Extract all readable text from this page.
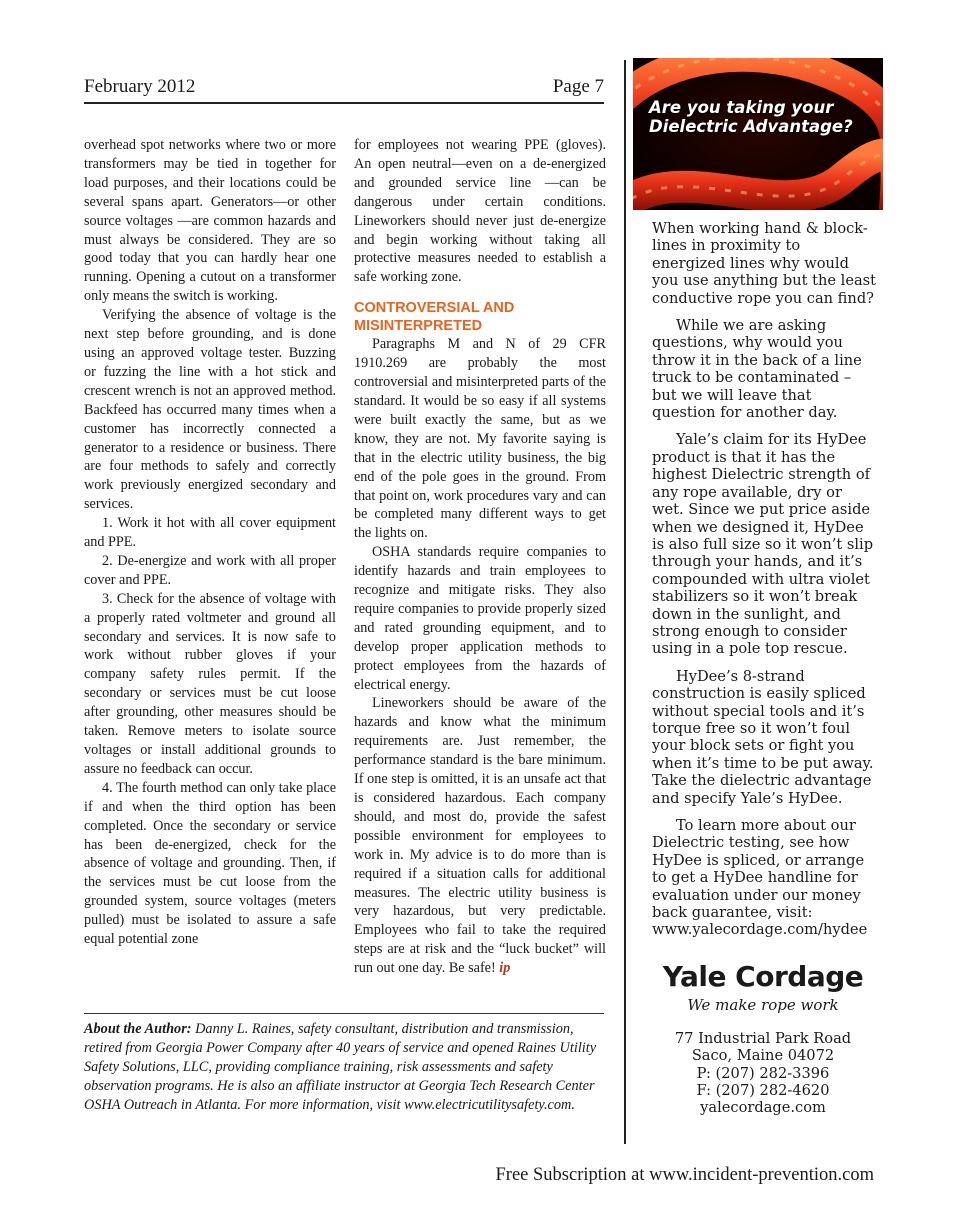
February 2012	Page 7

overhead spot networks where two or more transformers may be tied in together for load purposes, and their locations could be several spans apart. Generators—or other source voltages —are common hazards and must always be considered. They are so good today that you can hardly hear one running. Opening a cutout on a transformer only means the switch is working.

Verifying the absence of voltage is the next step before grounding, and is done using an approved voltage tester. Buzzing or fuzzing the line with a hot stick and crescent wrench is not an approved method. Backfeed has occurred many times when a customer has incorrectly connected a generator to a residence or business. There are four methods to safely and correctly work previously energized secondary and services.

1. Work it hot with all cover equipment and PPE.

2. De-energize and work with all proper cover and PPE.

3. Check for the absence of voltage with a properly rated voltmeter and ground all secondary and services. It is now safe to work without rubber gloves if your company safety rules permit. If the secondary or services must be cut loose after grounding, other measures should be taken. Remove meters to isolate source voltages or install additional grounds to assure no feedback can occur.

4. The fourth method can only take place if and when the third option has been completed. Once the secondary or service has been de-energized, check for the absence of voltage and grounding. Then, if the services must be cut loose from the grounded system, source voltages (meters pulled) must be isolated to assure a safe equal potential zone

for employees not wearing PPE (gloves). An open neutral—even on a de-energized and grounded service line —can be dangerous under certain conditions. Lineworkers should never just de-energize and begin working without taking all protective measures needed to establish a safe working zone.

CONTROVERSIAL AND MISINTERPRETED

Paragraphs M and N of 29 CFR 1910.269 are probably the most controversial and misinterpreted parts of the standard. It would be so easy if all systems were built exactly the same, but as we know, they are not. My favorite saying is that in the electric utility business, the big end of the pole goes in the ground. From that point on, work procedures vary and can be completed many different ways to get the lights on.

OSHA standards require companies to identify hazards and train employees to recognize and mitigate risks. They also require companies to provide properly sized and rated grounding equipment, and to develop proper application methods to protect employees from the hazards of electrical energy.

Lineworkers should be aware of the hazards and know what the minimum requirements are. Just remember, the performance standard is the bare minimum. If one step is omitted, it is an unsafe act that is considered hazardous. Each company should, and most do, provide the safest possible environment for employees to work in. My advice is to do more than is required if a situation calls for additional measures. The electric utility business is very hazardous, but very predictable. Employees who fail to take the required steps are at risk and the “luck bucket” will run out one day. Be safe! ip

About the Author: Danny L. Raines, safety consultant, distribution and transmission, retired from Georgia Power Company after 40 years of service and opened Raines Utility Safety Solutions, LLC, providing compliance training, risk assessments and safety observation programs. He is also an affiliate instructor at Georgia Tech Research Center OSHA Outreach in Atlanta. For more information, visit www.electricutilitysafety.com.
Are you taking your
Dielectric Advantage?

When working hand & block-lines in proximity to energized lines why would you use anything but the least conductive rope you can find?

While we are asking questions, why would you throw it in the back of a line truck to be contaminated – but we will leave that question for another day.

Yale’s claim for its HyDee product is that it has the highest Dielectric strength of any rope available, dry or wet. Since we put price aside when we designed it, HyDee is also full size so it won’t slip through your hands, and it’s compounded with ultra violet stabilizers so it won’t break down in the sunlight, and strong enough to consider using in a pole top rescue.

HyDee’s 8-strand construction is easily spliced without special tools and it’s torque free so it won’t foul your block sets or fight you when it’s time to be put away. Take the dielectric advantage and specify Yale’s HyDee.

To learn more about our Dielectric testing, see how HyDee is spliced, or arrange to get a HyDee handline for evaluation under our money back guarantee, visit: www.yalecordage.com/hydee

Yale Cordage
We make rope work
77 Industrial Park Road
Saco, Maine 04072
P: (207) 282-3396
F: (207) 282-4620
yalecordage.com
Free Subscription at www.incident-prevention.com
